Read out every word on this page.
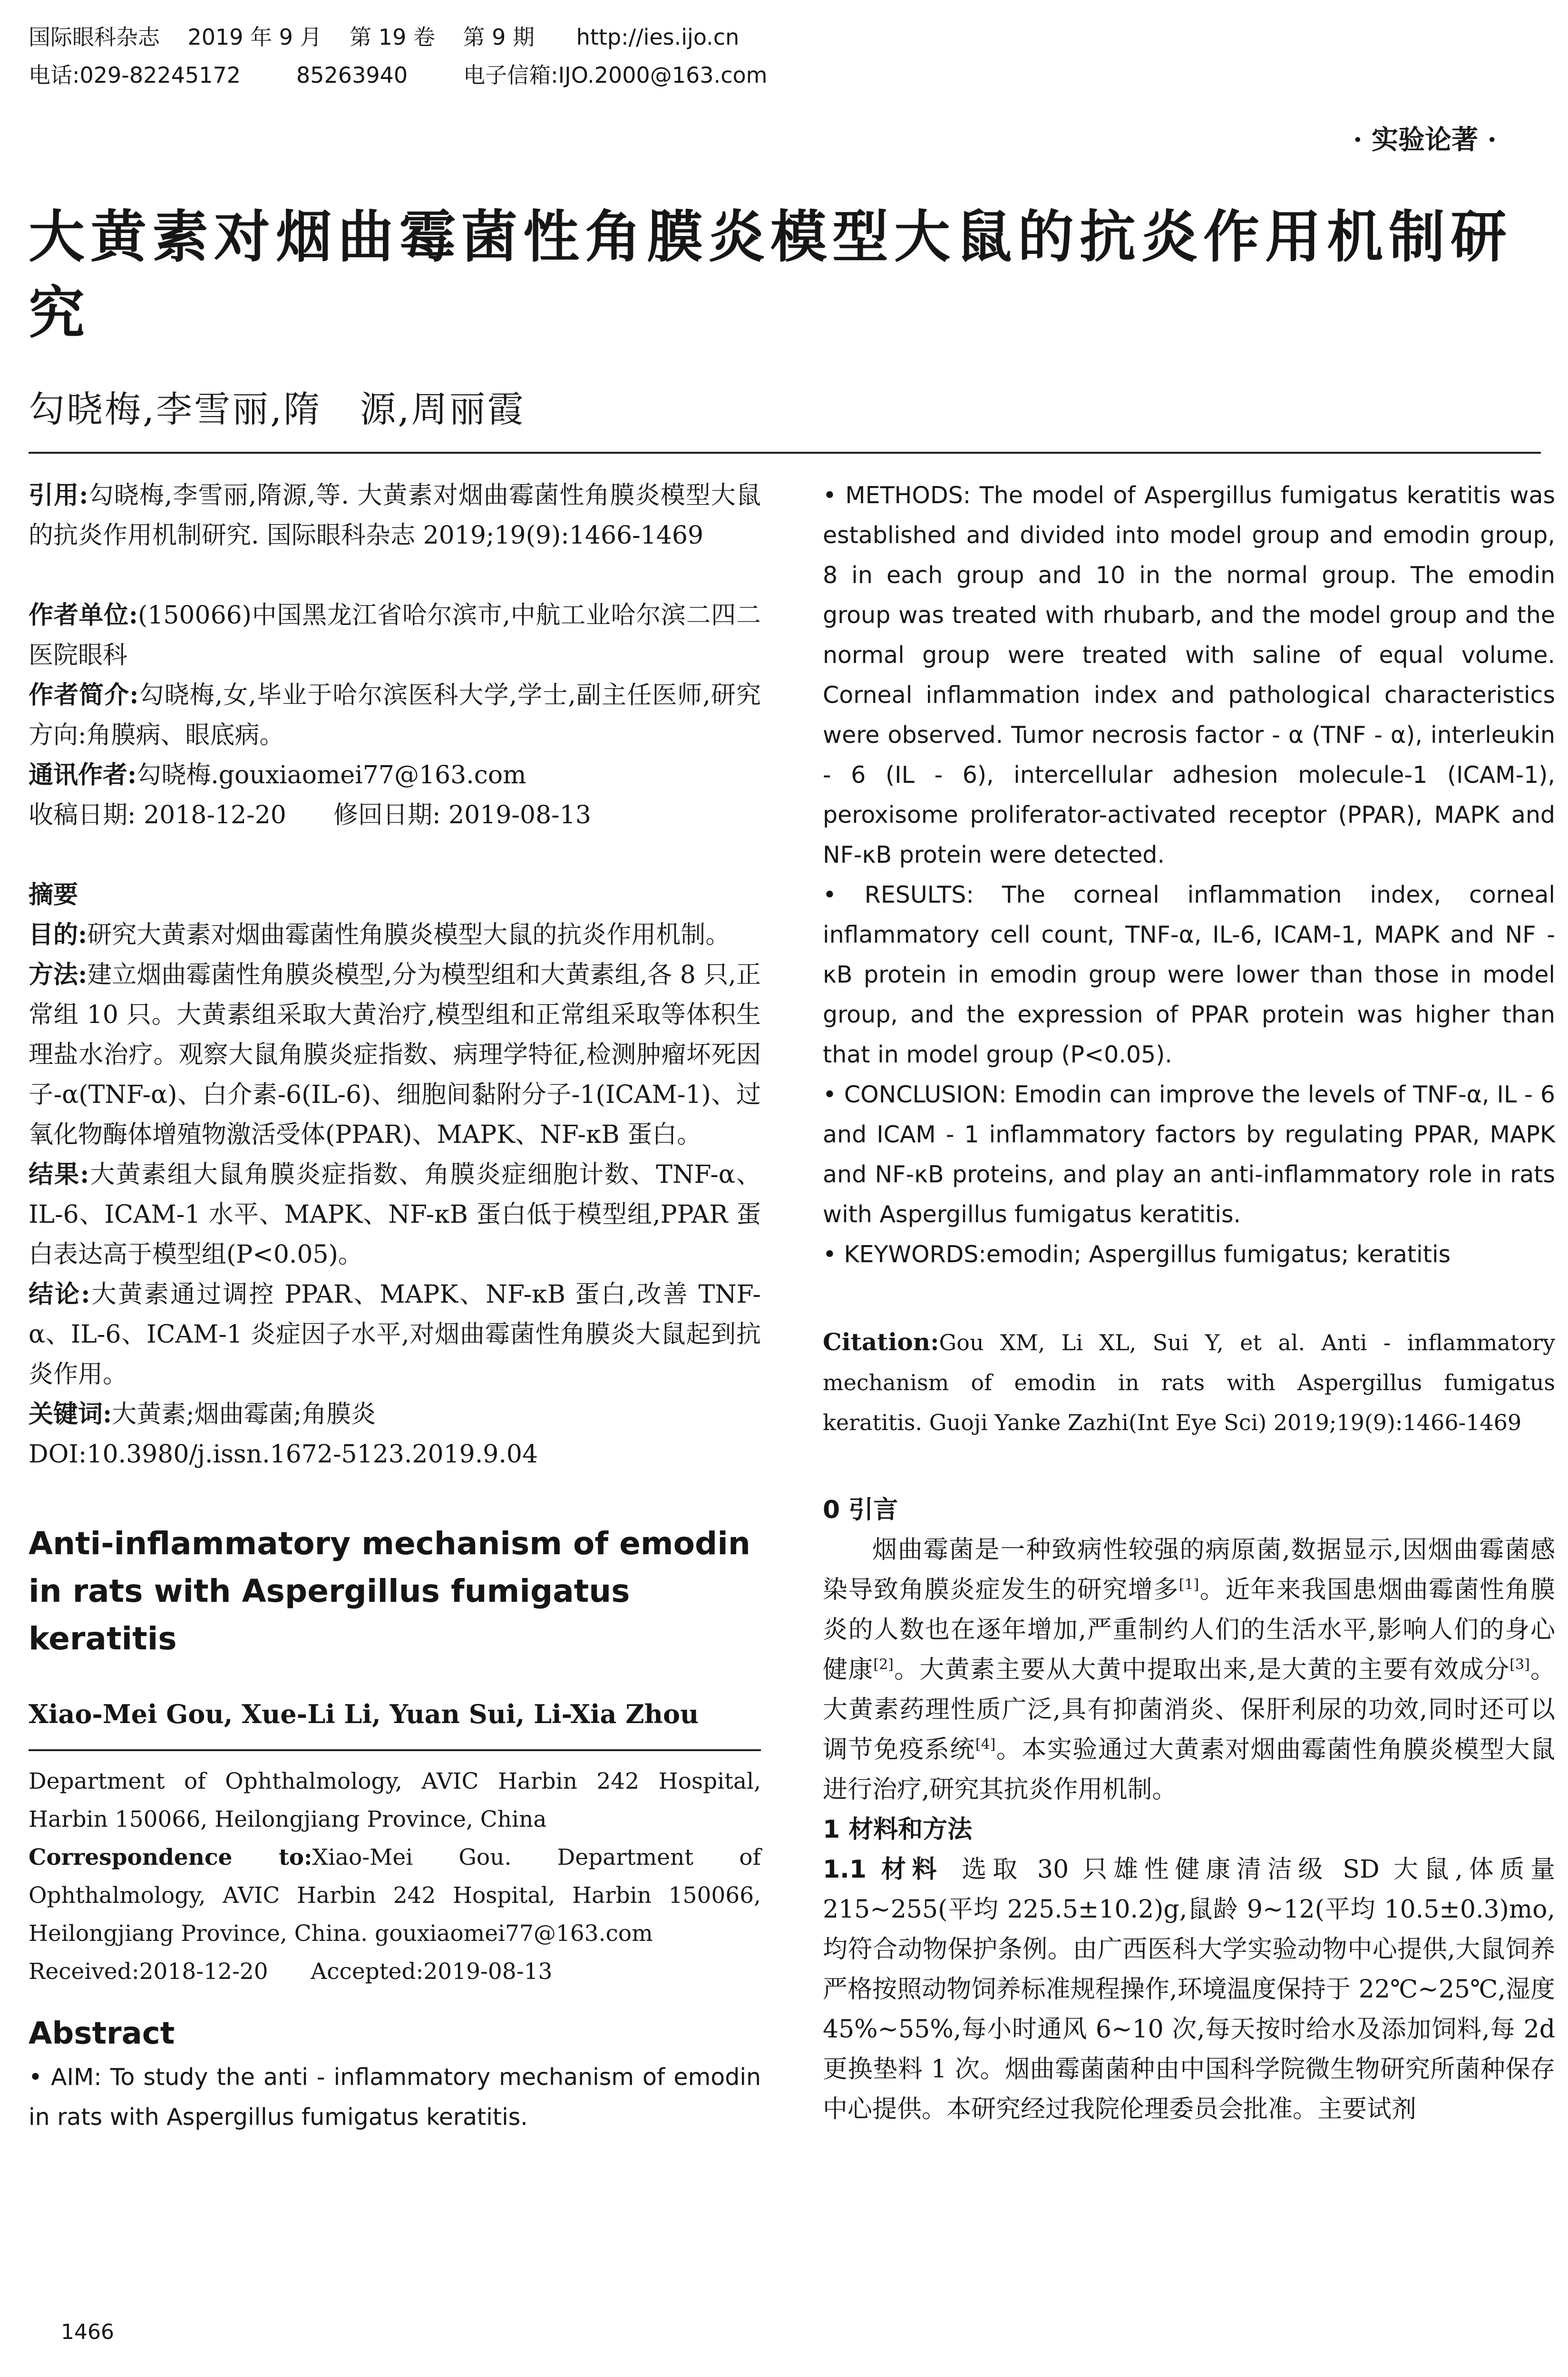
国际眼科杂志    2019 年 9 月    第 19 卷    第 9 期      http://ies.ijo.cn
电话:029-82245172        85263940        电子信箱:IJO.2000@163.com
· 实验论著 ·
大黄素对烟曲霉菌性角膜炎模型大鼠的抗炎作用机制研究
勾晓梅,李雪丽,隋　源,周丽霞

引用:勾晓梅,李雪丽,隋源,等. 大黄素对烟曲霉菌性角膜炎模型大鼠的抗炎作用机制研究. 国际眼科杂志 2019;19(9):1466-1469

作者单位:(150066)中国黑龙江省哈尔滨市,中航工业哈尔滨二四二医院眼科

作者简介:勾晓梅,女,毕业于哈尔滨医科大学,学士,副主任医师,研究方向:角膜病、眼底病。

通讯作者:勾晓梅.gouxiaomei77@163.com

收稿日期: 2018-12-20      修回日期: 2019-08-13

摘要

目的:研究大黄素对烟曲霉菌性角膜炎模型大鼠的抗炎作用机制。

方法:建立烟曲霉菌性角膜炎模型,分为模型组和大黄素组,各 8 只,正常组 10 只。大黄素组采取大黄治疗,模型组和正常组采取等体积生理盐水治疗。观察大鼠角膜炎症指数、病理学特征,检测肿瘤坏死因子-α(TNF-α)、白介素-6(IL-6)、细胞间黏附分子-1(ICAM-1)、过氧化物酶体增殖物激活受体(PPAR)、MAPK、NF-κB 蛋白。

结果:大黄素组大鼠角膜炎症指数、角膜炎症细胞计数、TNF-α、IL-6、ICAM-1 水平、MAPK、NF-κB 蛋白低于模型组,PPAR 蛋白表达高于模型组(P<0.05)。

结论:大黄素通过调控 PPAR、MAPK、NF-κB 蛋白,改善 TNF-α、IL-6、ICAM-1 炎症因子水平,对烟曲霉菌性角膜炎大鼠起到抗炎作用。

关键词:大黄素;烟曲霉菌;角膜炎

DOI:10.3980/j.issn.1672-5123.2019.9.04

Anti-inflammatory mechanism of emodin in rats with Aspergillus fumigatus keratitis

Xiao-Mei Gou, Xue-Li Li, Yuan Sui, Li-Xia Zhou

Department of Ophthalmology, AVIC Harbin 242 Hospital, Harbin 150066, Heilongjiang Province, China

Correspondence to:Xiao-Mei Gou. Department of Ophthalmology, AVIC Harbin 242 Hospital, Harbin 150066, Heilongjiang Province, China. gouxiaomei77@163.com

Received:2018-12-20      Accepted:2019-08-13

Abstract

• AIM: To study the anti - inflammatory mechanism of emodin in rats with Aspergillus fumigatus keratitis.

• METHODS: The model of Aspergillus fumigatus keratitis was established and divided into model group and emodin group, 8 in each group and 10 in the normal group. The emodin group was treated with rhubarb, and the model group and the normal group were treated with saline of equal volume. Corneal inflammation index and pathological characteristics were observed. Tumor necrosis factor - α (TNF - α), interleukin - 6 (IL - 6), intercellular adhesion molecule-1 (ICAM-1), peroxisome proliferator-activated receptor (PPAR), MAPK and NF-κB protein were detected.

• RESULTS: The corneal inflammation index, corneal inflammatory cell count, TNF-α, IL-6, ICAM-1, MAPK and NF - κB protein in emodin group were lower than those in model group, and the expression of PPAR protein was higher than that in model group (P<0.05).

• CONCLUSION: Emodin can improve the levels of TNF-α, IL - 6 and ICAM - 1 inflammatory factors by regulating PPAR, MAPK and NF-κB proteins, and play an anti-inflammatory role in rats with Aspergillus fumigatus keratitis.

• KEYWORDS:emodin; Aspergillus fumigatus; keratitis

Citation:Gou XM, Li XL, Sui Y, et al. Anti - inflammatory mechanism of emodin in rats with Aspergillus fumigatus keratitis. Guoji Yanke Zazhi(Int Eye Sci) 2019;19(9):1466-1469

0 引言

烟曲霉菌是一种致病性较强的病原菌,数据显示,因烟曲霉菌感染导致角膜炎症发生的研究增多[1]。近年来我国患烟曲霉菌性角膜炎的人数也在逐年增加,严重制约人们的生活水平,影响人们的身心健康[2]。大黄素主要从大黄中提取出来,是大黄的主要有效成分[3]。大黄素药理性质广泛,具有抑菌消炎、保肝利尿的功效,同时还可以调节免疫系统[4]。本实验通过大黄素对烟曲霉菌性角膜炎模型大鼠进行治疗,研究其抗炎作用机制。

1 材料和方法

1.1 材料 选取 30 只雄性健康清洁级 SD 大鼠,体质量 215~255(平均 225.5±10.2)g,鼠龄 9~12(平均 10.5±0.3)mo,均符合动物保护条例。由广西医科大学实验动物中心提供,大鼠饲养严格按照动物饲养标准规程操作,环境温度保持于 22℃~25℃,湿度 45%~55%,每小时通风 6~10 次,每天按时给水及添加饲料,每 2d 更换垫料 1 次。烟曲霉菌菌种由中国科学院微生物研究所菌种保存中心提供。本研究经过我院伦理委员会批准。主要试剂

1466
